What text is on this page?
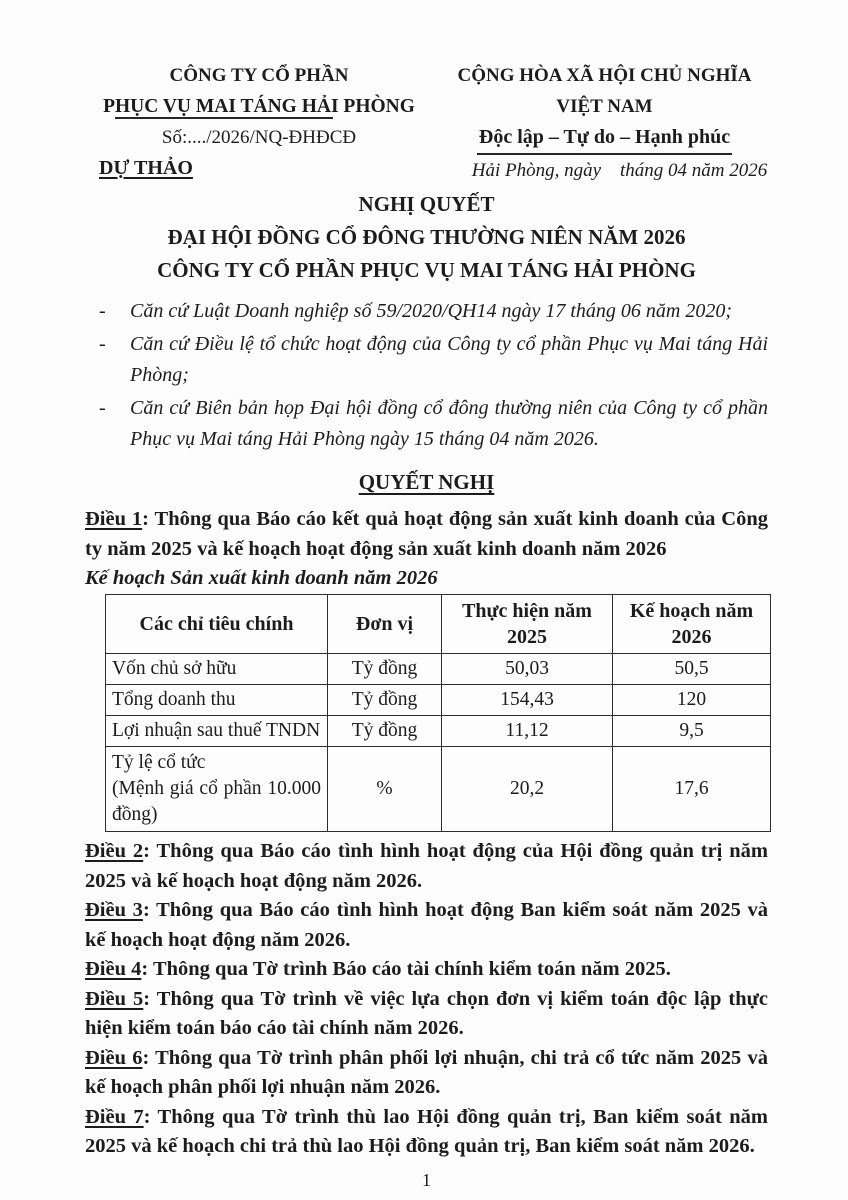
CÔNG TY CỔ PHẦN
PHỤC VỤ MAI TÁNG HẢI PHÒNG
Số:..../2026/NQ-ĐHĐCĐ
DỰ THẢO
CỘNG HÒA XÃ HỘI CHỦ NGHĨA VIỆT NAM
Độc lập – Tự do – Hạnh phúc
Hải Phòng, ngày    tháng 04 năm 2026
NGHỊ QUYẾT
ĐẠI HỘI ĐỒNG CỔ ĐÔNG THƯỜNG NIÊN NĂM 2026
CÔNG TY CỔ PHẦN PHỤC VỤ MAI TÁNG HẢI PHÒNG
-	Căn cứ Luật Doanh nghiệp số 59/2020/QH14 ngày 17 tháng 06 năm 2020;
-	Căn cứ Điều lệ tổ chức hoạt động của Công ty cổ phần Phục vụ Mai táng Hải Phòng;
-	Căn cứ Biên bản họp Đại hội đồng cổ đông thường niên của Công ty cổ phần Phục vụ Mai táng Hải Phòng ngày 15 tháng 04 năm 2026.
QUYẾT NGHỊ

Điều 1: Thông qua Báo cáo kết quả hoạt động sản xuất kinh doanh của Công ty năm 2025 và kế hoạch hoạt động sản xuất kinh doanh năm 2026

Kế hoạch Sản xuất kinh doanh năm 2026
Các chỉ tiêu chính	Đơn vị	Thực hiện năm 2025	Kế hoạch năm 2026
Vốn chủ sở hữu	Tỷ đồng	50,03	50,5
Tổng doanh thu	Tỷ đồng	154,43	120
Lợi nhuận sau thuế TNDN	Tỷ đồng	11,12	9,5

Tỷ lệ cổ tức
(Mệnh giá cổ phần 10.000 đồng)	%	20,2	17,6

Điều 2: Thông qua Báo cáo tình hình hoạt động của Hội đồng quản trị năm 2025 và kế hoạch hoạt động năm 2026.

Điều 3: Thông qua Báo cáo tình hình hoạt động Ban kiểm soát năm 2025 và kế hoạch hoạt động năm 2026.

Điều 4: Thông qua Tờ trình Báo cáo tài chính kiểm toán năm 2025.

Điều 5: Thông qua Tờ trình về việc lựa chọn đơn vị kiểm toán độc lập thực hiện kiểm toán báo cáo tài chính năm 2026.

Điều 6: Thông qua Tờ trình phân phối lợi nhuận, chi trả cổ tức năm 2025 và kế hoạch phân phối lợi nhuận năm 2026.

Điều 7: Thông qua Tờ trình thù lao Hội đồng quản trị, Ban kiểm soát năm 2025 và kế hoạch chi trả thù lao Hội đồng quản trị, Ban kiểm soát năm 2026.

1
